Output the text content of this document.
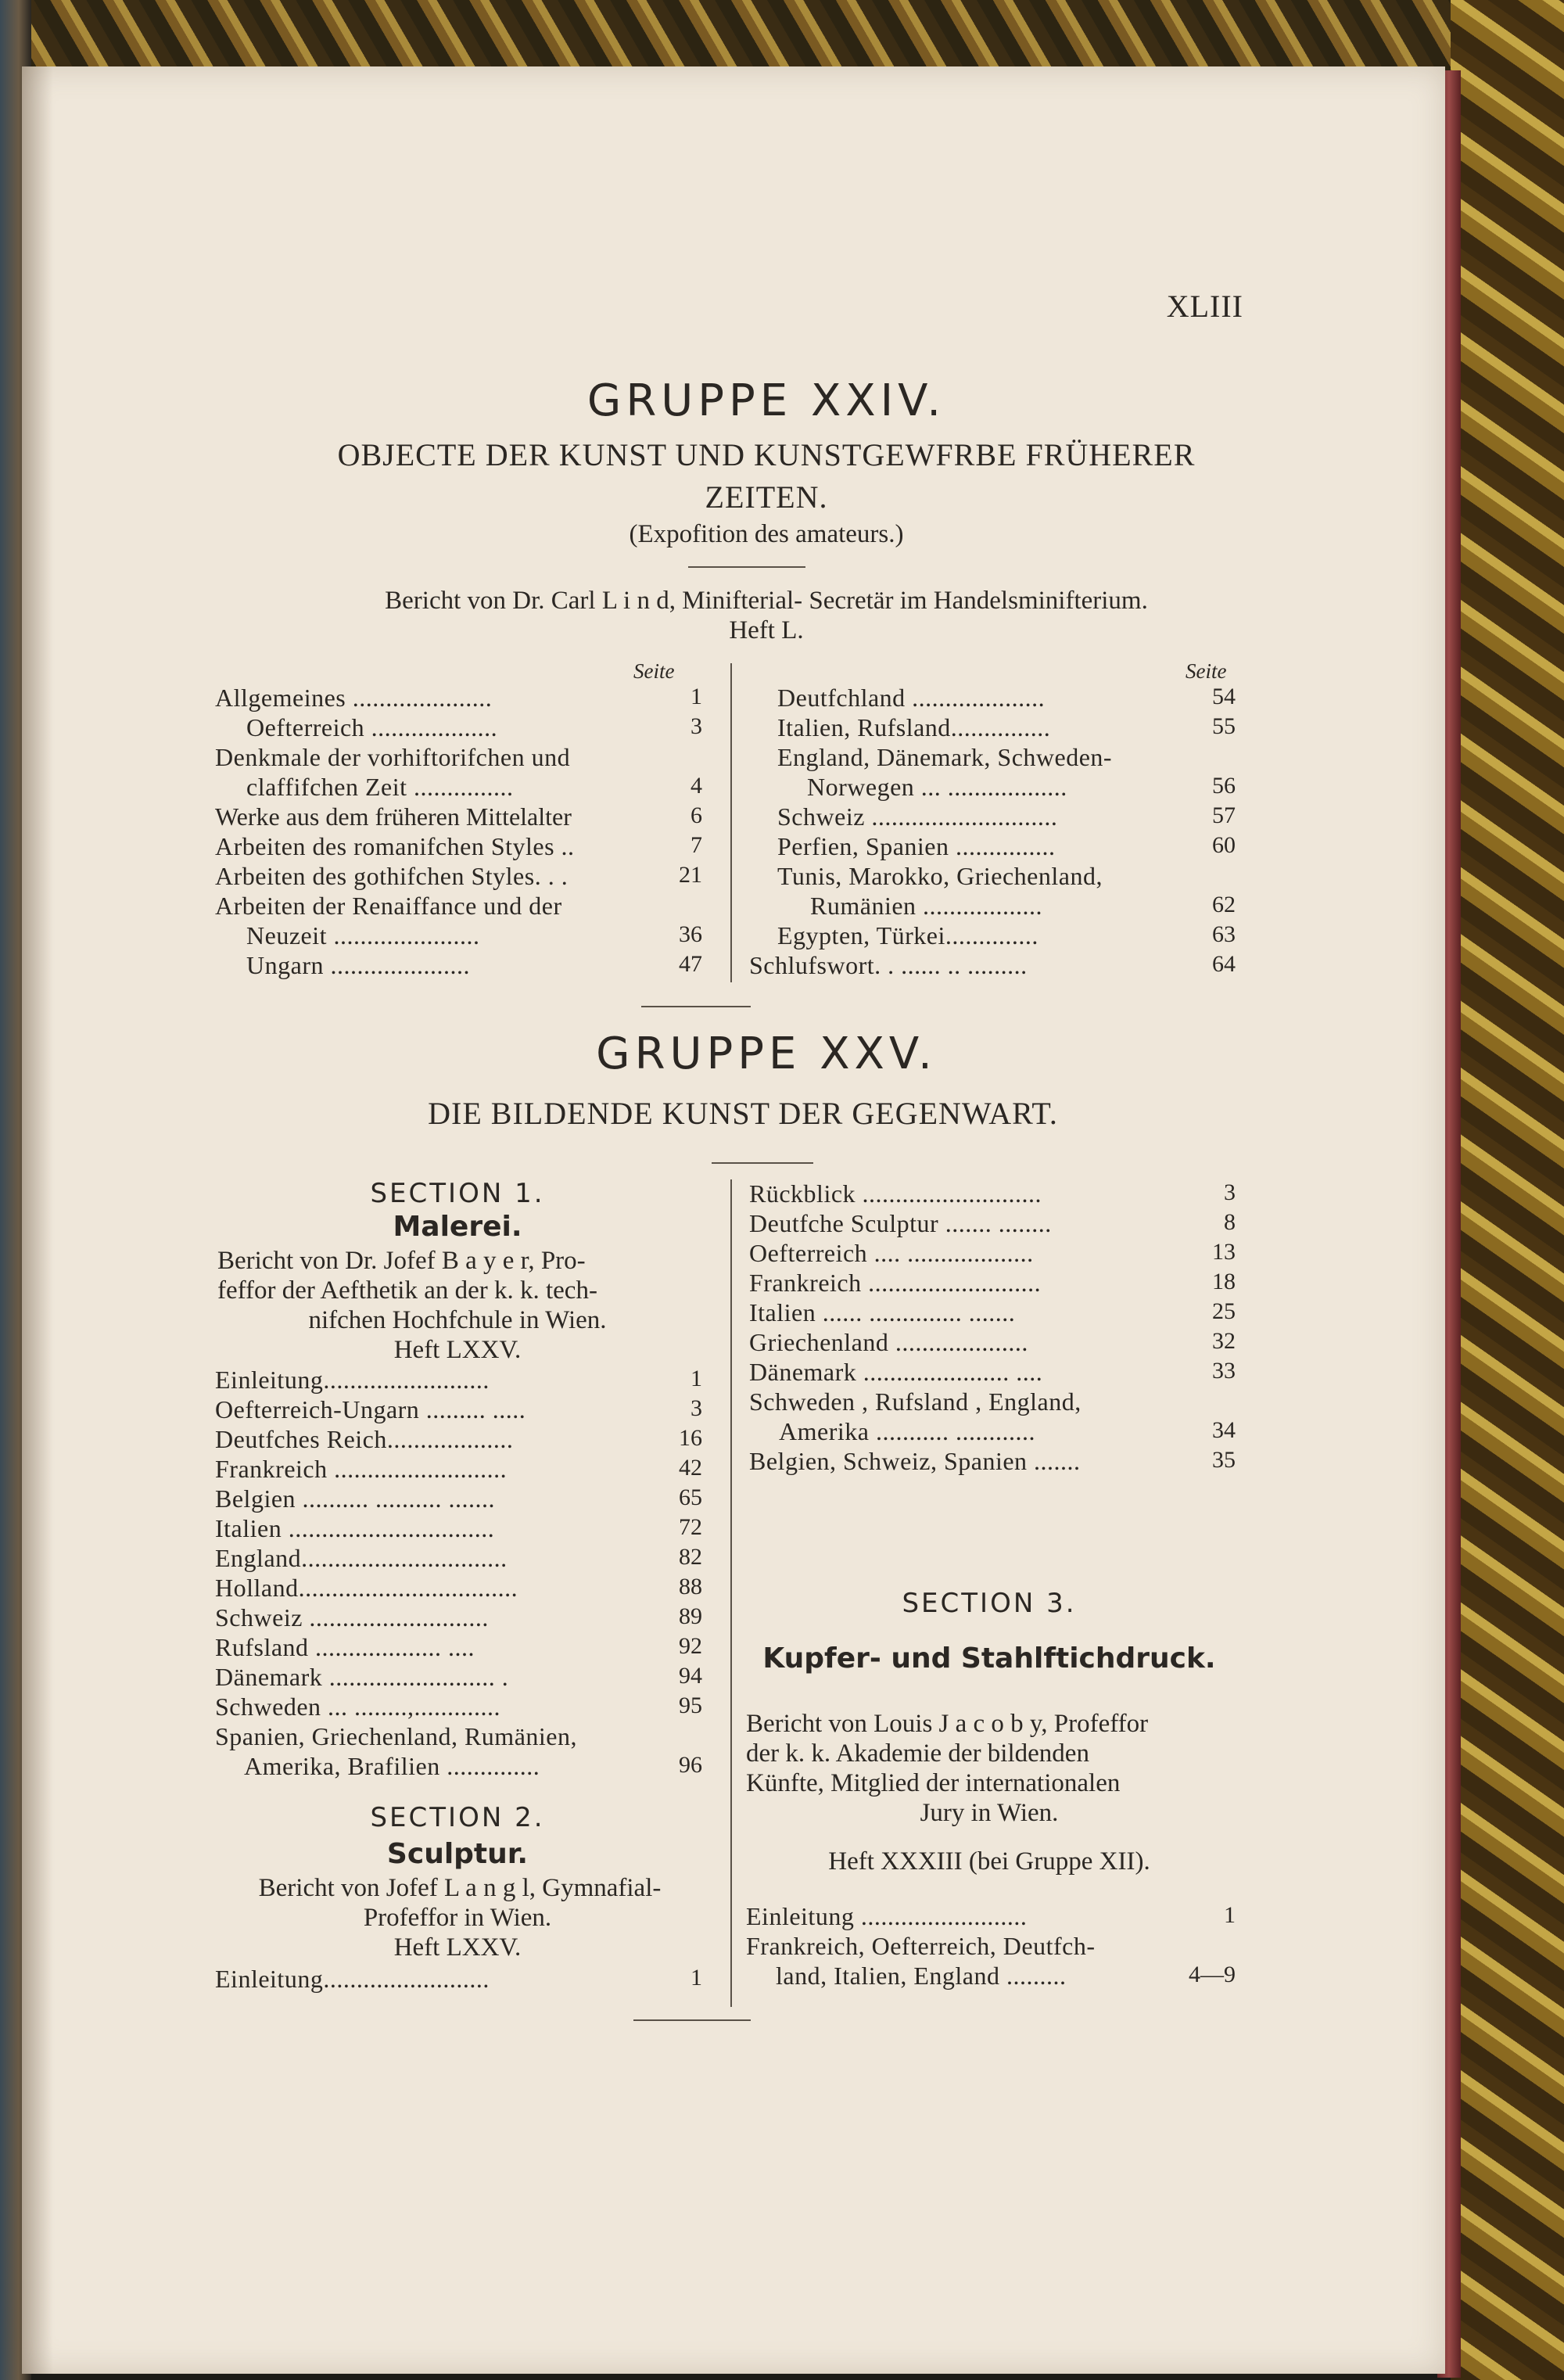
XLIII
GRUPPE XXIV.
OBJECTE DER KUNST UND KUNSTGEWFRBE FRÜHERER
ZEITEN.
(Expofition des amateurs.)
Bericht von Dr. Carl L i n d, Minifterial- Secretär im Handelsminifterium.
Heft L.
Seite	Seite
Allgemeines .....................	1
Oefterreich ...................	3
Denkmale der vorhiftorifchen und
claffifchen Zeit ...............	4
Werke aus dem früheren Mittelalter	6
Arbeiten des romanifchen Styles ..	7
Arbeiten des gothifchen Styles. . .	21
Arbeiten der Renaiffance und der
Neuzeit ......................	36
Ungarn .....................	47
Deutfchland ....................	54
Italien, Rufsland...............	55
England, Dänemark, Schweden-
Norwegen ... ..................	56
Schweiz ............................	57
Perfien, Spanien ...............	60
Tunis, Marokko, Griechenland,
Rumänien ..................	62
Egypten, Türkei..............	63
Schlufswort. . ...... .. .........	64
GRUPPE XXV.
DIE BILDENDE KUNST DER GEGENWART.
SECTION 1.
Malerei.
Bericht von Dr. Jofef B a y e r, Pro-
feffor der Aefthetik an der k. k. tech-
nifchen Hochfchule in Wien.
Heft LXXV.
Einleitung.........................	1
Oefterreich-Ungarn ......... .....	3
Deutfches Reich...................	16
Frankreich ..........................	42
Belgien .......... .......... .......	65
Italien ...............................	72
England...............................	82
Holland.................................	88
Schweiz ...........................	89
Rufsland ................... ....	92
Dänemark ......................... .	94
Schweden ... ........,.............	95
Spanien, Griechenland, Rumänien,
Amerika, Brafilien ..............	96
SECTION 2.
Sculptur.
Bericht von Jofef L a n g l, Gymnafial-
Profeffor in Wien.
Heft LXXV.
Einleitung.........................	1
Rückblick ...........................	3
Deutfche Sculptur ....... ........	8
Oefterreich .... ...................	13
Frankreich ..........................	18
Italien ...... .............. .......	25
Griechenland ....................	32
Dänemark ...................... ....	33
Schweden , Rufsland , England,
Amerika ........... ............	34
Belgien, Schweiz, Spanien .......	35
SECTION 3.
Kupfer- und Stahlftichdruck.
Bericht von Louis J a c o b y, Profeffor
der k. k. Akademie der bildenden
Künfte, Mitglied der internationalen
Jury in Wien.
Heft XXXIII (bei Gruppe XII).
Einleitung .........................	1
Frankreich, Oefterreich, Deutfch-
land, Italien, England .........	4—9
